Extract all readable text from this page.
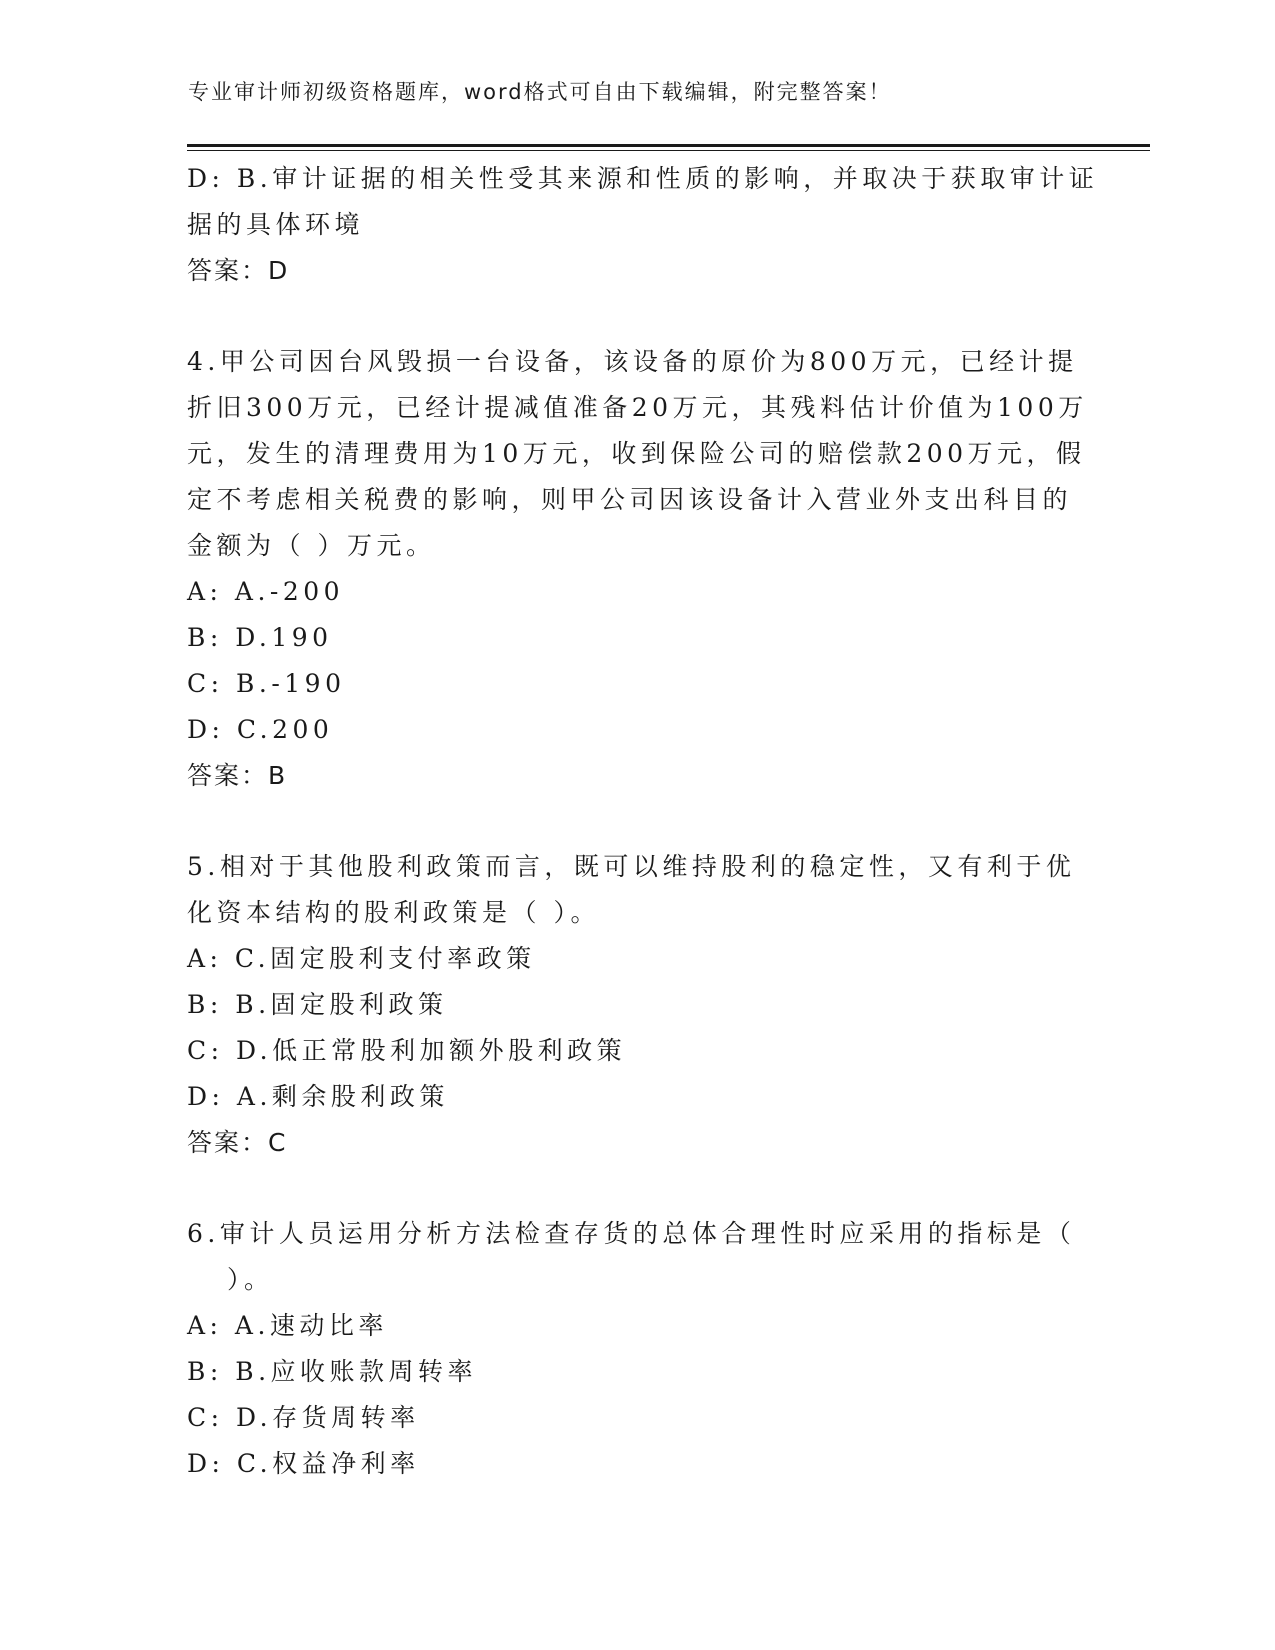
专业审计师初级资格题库，word格式可自由下载编辑，附完整答案！
D: B.审计证据的相关性受其来源和性质的影响，并取决于获取审计证
据的具体环境
答案：D
4.甲公司因台风毁损一台设备，该设备的原价为800万元，已经计提
折旧300万元，已经计提减值准备20万元，其残料估计价值为100万
元，发生的清理费用为10万元，收到保险公司的赔偿款200万元，假
定不考虑相关税费的影响，则甲公司因该设备计入营业外支出科目的
金额为（ ）万元。
A: A.-200
B: D.190
C: B.-190
D: C.200
答案：B
5.相对于其他股利政策而言，既可以维持股利的稳定性，又有利于优
化资本结构的股利政策是（ ）。
A: C.固定股利支付率政策
B: B.固定股利政策
C: D.低正常股利加额外股利政策
D: A.剩余股利政策
答案：C
6.审计人员运用分析方法检查存货的总体合理性时应采用的指标是（
）。
A: A.速动比率
B: B.应收账款周转率
C: D.存货周转率
D: C.权益净利率
